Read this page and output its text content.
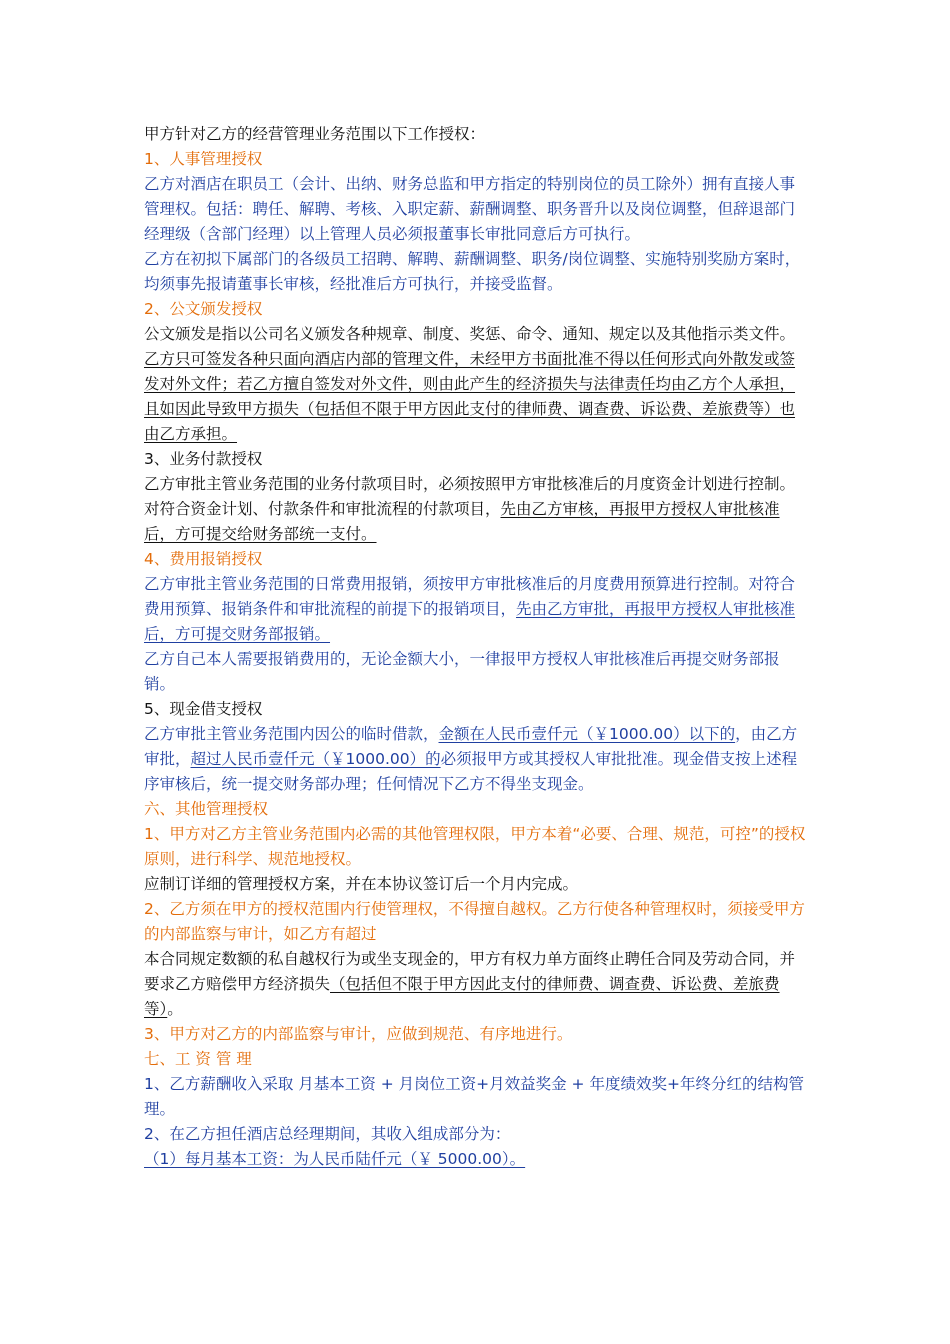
甲方针对乙方的经营管理业务范围以下工作授权：

1、人事管理授权

乙方对酒店在职员工（会计、出纳、财务总监和甲方指定的特别岗位的员工除外）拥有直接人事管理权。包括：聘任、解聘、考核、入职定薪、薪酬调整、职务晋升以及岗位调整，但辞退部门经理级（含部门经理）以上管理人员必须报董事长审批同意后方可执行。

乙方在初拟下属部门的各级员工招聘、解聘、薪酬调整、职务/岗位调整、实施特别奖励方案时，均须事先报请董事长审核，经批准后方可执行，并接受监督。

2、公文颁发授权

公文颁发是指以公司名义颁发各种规章、制度、奖惩、命令、通知、规定以及其他指示类文件。

乙方只可签发各种只面向酒店内部的管理文件，未经甲方书面批准不得以任何形式向外散发或签发对外文件；若乙方擅自签发对外文件，则由此产生的经济损失与法律责任均由乙方个人承担，且如因此导致甲方损失（包括但不限于甲方因此支付的律师费、调查费、诉讼费、差旅费等）也由乙方承担。

3、业务付款授权

乙方审批主管业务范围的业务付款项目时，必须按照甲方审批核准后的月度资金计划进行控制。对符合资金计划、付款条件和审批流程的付款项目，先由乙方审核，再报甲方授权人审批核准后，方可提交给财务部统一支付。

4、费用报销授权

乙方审批主管业务范围的日常费用报销，须按甲方审批核准后的月度费用预算进行控制。对符合费用预算、报销条件和审批流程的前提下的报销项目，先由乙方审批，再报甲方授权人审批核准后，方可提交财务部报销。

乙方自己本人需要报销费用的，无论金额大小，一律报甲方授权人审批核准后再提交财务部报销。

5、现金借支授权

乙方审批主管业务范围内因公的临时借款，金额在人民币壹仟元（￥1000.00）以下的，由乙方审批，超过人民币壹仟元（￥1000.00）的必须报甲方或其授权人审批批准。现金借支按上述程序审核后，统一提交财务部办理；任何情况下乙方不得坐支现金。

六、其他管理授权

1、甲方对乙方主管业务范围内必需的其他管理权限，甲方本着“必要、合理、规范，可控”的授权原则，进行科学、规范地授权。

应制订详细的管理授权方案，并在本协议签订后一个月内完成。

2、乙方须在甲方的授权范围内行使管理权，不得擅自越权。乙方行使各种管理权时，须接受甲方的内部监察与审计，如乙方有超过

本合同规定数额的私自越权行为或坐支现金的，甲方有权力单方面终止聘任合同及劳动合同，并要求乙方赔偿甲方经济损失（包括但不限于甲方因此支付的律师费、调查费、诉讼费、差旅费等）。

3、甲方对乙方的内部监察与审计，应做到规范、有序地进行。

七、工 资 管 理

1、乙方薪酬收入采取 月基本工资 + 月岗位工资+月效益奖金 + 年度绩效奖+年终分红的结构管理。

2、在乙方担任酒店总经理期间，其收入组成部分为：

（1）每月基本工资：为人民币陆仟元（￥ 5000.00）。
